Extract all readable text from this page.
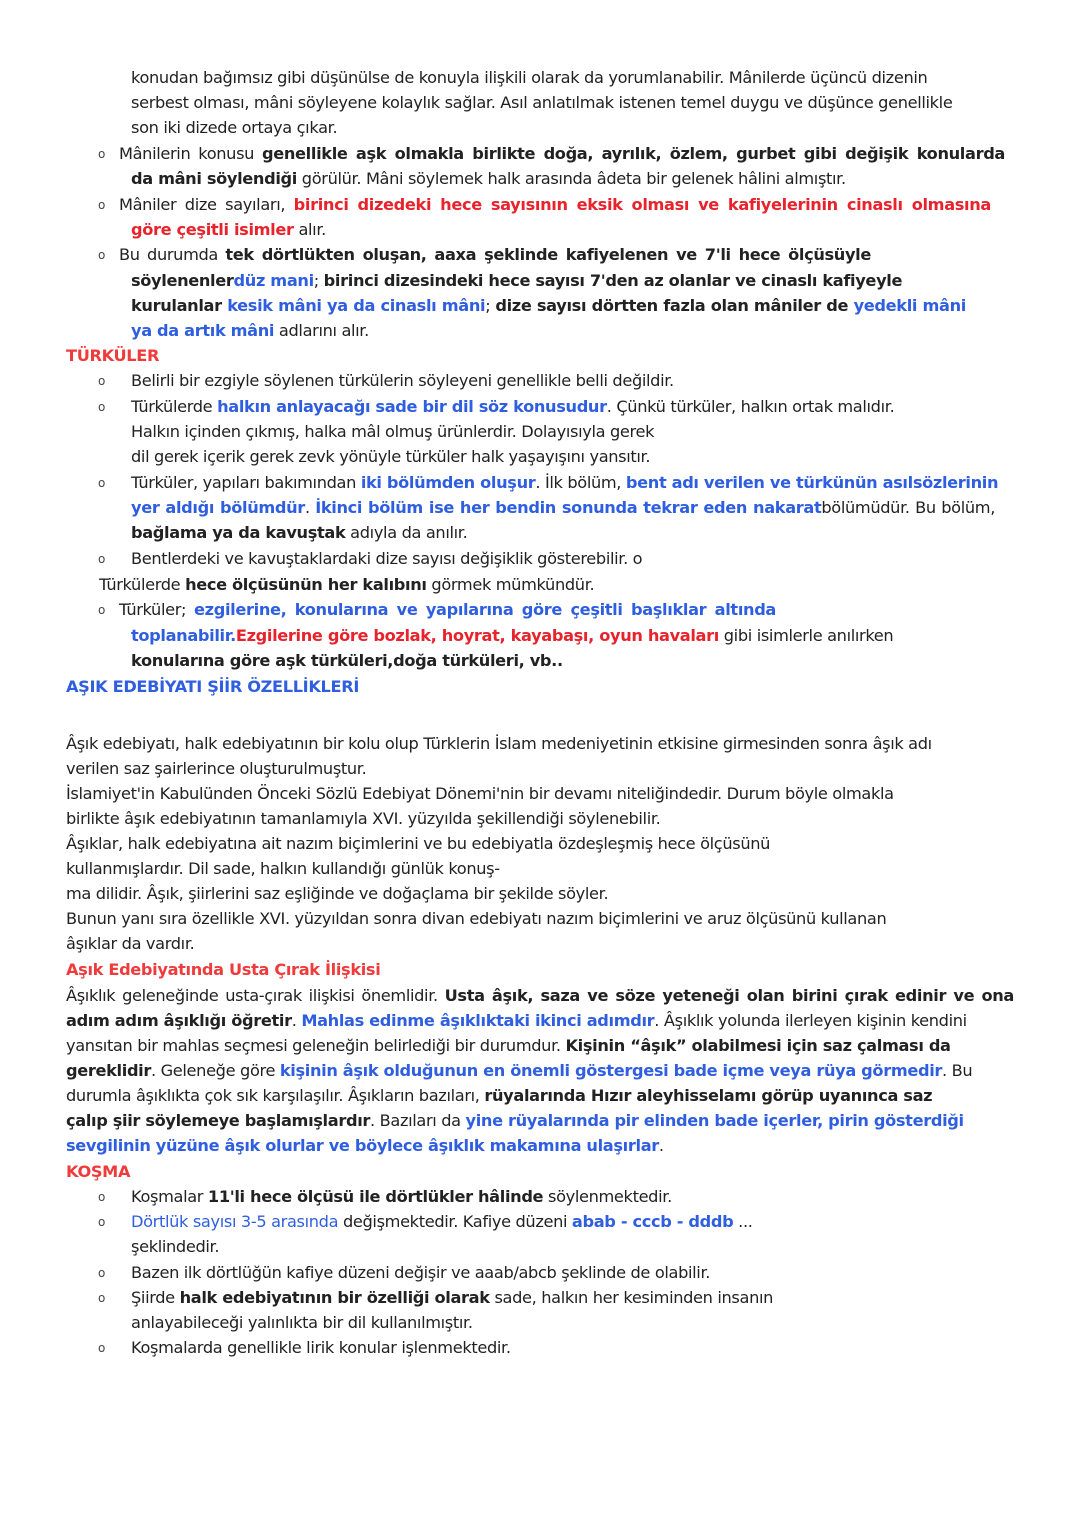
konudan bağımsız gibi düşünülse de konuyla ilişkili olarak da yorumlanabilir. Mânilerde üçüncü dizenin
serbest olması, mâni söyleyene kolaylık sağlar. Asıl anlatılmak istenen temel duygu ve düşünce genellikle
son iki dizede ortaya çıkar.
o Mânilerin konusu genellikle aşk olmakla birlikte doğa, ayrılık, özlem, gurbet gibi değişik konularda
da mâni söylendiği görülür. Mâni söylemek halk arasında âdeta bir gelenek hâlini almıştır.
o Mâniler dize sayıları, birinci dizedeki hece sayısının eksik olması ve kafiyelerinin cinaslı olmasına
göre çeşitli isimler alır.
o Bu durumda tek dörtlükten oluşan, aaxa şeklinde kafiyelenen ve 7'li hece ölçüsüyle
söylenenlerdüz mani; birinci dizesindeki hece sayısı 7'den az olanlar ve cinaslı kafiyeyle
kurulanlar kesik mâni ya da cinaslı mâni; dize sayısı dörtten fazla olan mâniler de yedekli mâni
ya da artık mâni adlarını alır.
TÜRKÜLER
o Belirli bir ezgiyle söylenen türkülerin söyleyeni genellikle belli değildir.
o Türkülerde halkın anlayacağı sade bir dil söz konusudur. Çünkü türküler, halkın ortak malıdır.
Halkın içinden çıkmış, halka mâl olmuş ürünlerdir. Dolayısıyla gerek
dil gerek içerik gerek zevk yönüyle türküler halk yaşayışını yansıtır.
o Türküler, yapıları bakımından iki bölümden oluşur. İlk bölüm, bent adı verilen ve türkünün asılsözlerinin
yer aldığı bölümdür. İkinci bölüm ise her bendin sonunda tekrar eden nakaratbölümüdür. Bu bölüm,
bağlama ya da kavuştak adıyla da anılır.
o Bentlerdeki ve kavuştaklardaki dize sayısı değişiklik gösterebilir. o
Türkülerde hece ölçüsünün her kalıbını görmek mümkündür.
o Türküler; ezgilerine, konularına ve yapılarına göre çeşitli başlıklar altında
toplanabilir.Ezgilerine göre bozlak, hoyrat, kayabaşı, oyun havaları gibi isimlerle anılırken
konularına göre aşk türküleri,doğa türküleri, vb..
AŞIK EDEBİYATI ŞİİR ÖZELLİKLERİ
Âşık edebiyatı, halk edebiyatının bir kolu olup Türklerin İslam medeniyetinin etkisine girmesinden sonra âşık adı
verilen saz şairlerince oluşturulmuştur.
İslamiyet'in Kabulünden Önceki Sözlü Edebiyat Dönemi'nin bir devamı niteliğindedir. Durum böyle olmakla
birlikte âşık edebiyatının tamanlamıyla XVI. yüzyılda şekillendiği söylenebilir.
Âşıklar, halk edebiyatına ait nazım biçimlerini ve bu edebiyatla özdeşleşmiş hece ölçüsünü
kullanmışlardır. Dil sade, halkın kullandığı günlük konuş-
ma dilidir. Âşık, şiirlerini saz eşliğinde ve doğaçlama bir şekilde söyler.
Bunun yanı sıra özellikle XVI. yüzyıldan sonra divan edebiyatı nazım biçimlerini ve aruz ölçüsünü kullanan
âşıklar da vardır.
Aşık Edebiyatında Usta Çırak İlişkisi
Âşıklık geleneğinde usta-çırak ilişkisi önemlidir. Usta âşık, saza ve söze yeteneği olan birini çırak edinir ve ona
adım adım âşıklığı öğretir. Mahlas edinme âşıklıktaki ikinci adımdır. Âşıklık yolunda ilerleyen kişinin kendini
yansıtan bir mahlas seçmesi geleneğin belirlediği bir durumdur. Kişinin “âşık” olabilmesi için saz çalması da
gereklidir. Geleneğe göre kişinin âşık olduğunun en önemli göstergesi bade içme veya rüya görmedir. Bu
durumla âşıklıkta çok sık karşılaşılır. Âşıkların bazıları, rüyalarında Hızır aleyhisselamı görüp uyanınca saz
çalıp şiir söylemeye başlamışlardır. Bazıları da yine rüyalarında pir elinden bade içerler, pirin gösterdiği
sevgilinin yüzüne âşık olurlar ve böylece âşıklık makamına ulaşırlar.
KOŞMA
o Koşmalar 11'li hece ölçüsü ile dörtlükler hâlinde söylenmektedir.
o Dörtlük sayısı 3-5 arasında değişmektedir. Kafiye düzeni abab - cccb - dddb ...
şeklindedir.
o Bazen ilk dörtlüğün kafiye düzeni değişir ve aaab/abcb şeklinde de olabilir.
o Şiirde halk edebiyatının bir özelliği olarak sade, halkın her kesiminden insanın
anlayabileceği yalınlıkta bir dil kullanılmıştır.
o Koşmalarda genellikle lirik konular işlenmektedir.
